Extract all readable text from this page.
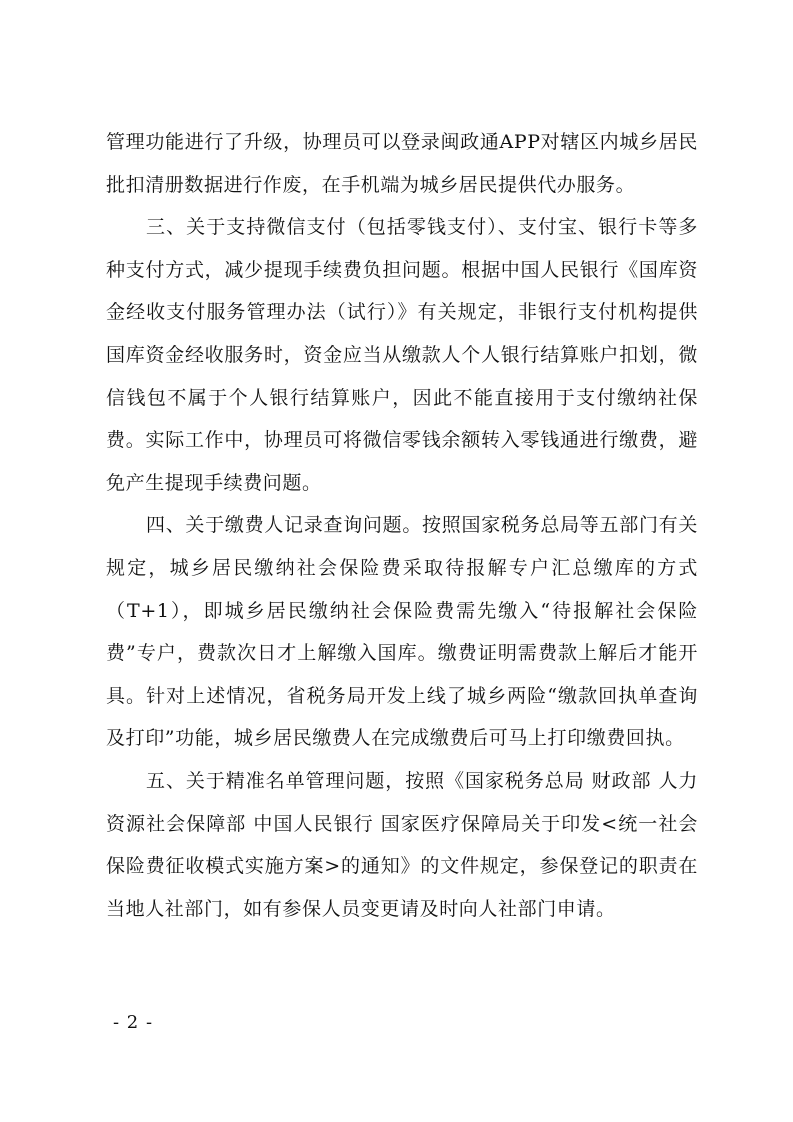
管理功能进行了升级，协理员可以登录闽政通APP对辖区内城乡居民批扣清册数据进行作废，在手机端为城乡居民提供代办服务。

三、关于支持微信支付（包括零钱支付）、支付宝、银行卡等多种支付方式，减少提现手续费负担问题。根据中国人民银行《国库资金经收支付服务管理办法（试行）》有关规定，非银行支付机构提供国库资金经收服务时，资金应当从缴款人个人银行结算账户扣划，微信钱包不属于个人银行结算账户，因此不能直接用于支付缴纳社保费。实际工作中，协理员可将微信零钱余额转入零钱通进行缴费，避免产生提现手续费问题。

四、关于缴费人记录查询问题。按照国家税务总局等五部门有关规定，城乡居民缴纳社会保险费采取待报解专户汇总缴库的方式（T+1），即城乡居民缴纳社会保险费需先缴入“待报解社会保险费”专户，费款次日才上解缴入国库。缴费证明需费款上解后才能开具。针对上述情况，省税务局开发上线了城乡两险“缴款回执单查询及打印”功能，城乡居民缴费人在完成缴费后可马上打印缴费回执。

五、关于精准名单管理问题，按照《国家税务总局 财政部 人力资源社会保障部 中国人民银行 国家医疗保障局关于印发<统一社会保险费征收模式实施方案>的通知》的文件规定，参保登记的职责在当地人社部门，如有参保人员变更请及时向人社部门申请。

- 2 -
